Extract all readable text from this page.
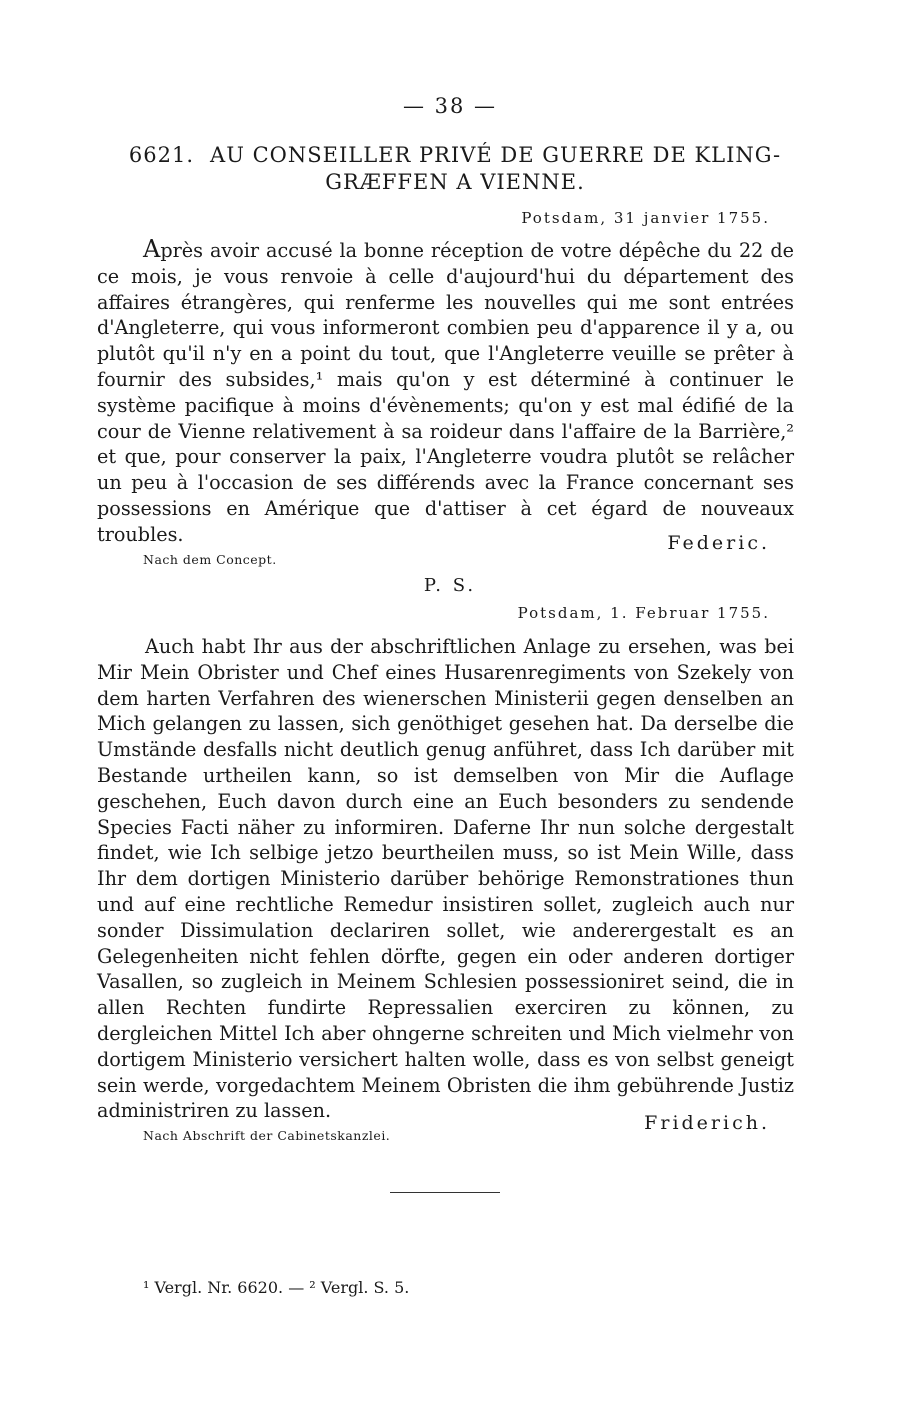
— 38 —
6621. AU CONSEILLER PRIVÉ DE GUERRE DE KLING-
GRÆFFEN A VIENNE.
Potsdam, 31 janvier 1755.

Après avoir accusé la bonne réception de votre dépêche du 22 de ce mois, je vous renvoie à celle d'aujourd'hui du département des affaires étrangères, qui renferme les nouvelles qui me sont entrées d'Angleterre, qui vous informeront combien peu d'apparence il y a, ou plutôt qu'il n'y en a point du tout, que l'Angleterre veuille se prêter à fournir des subsides,¹ mais qu'on y est déterminé à continuer le système pacifique à moins d'évènements; qu'on y est mal édifié de la cour de Vienne relativement à sa roideur dans l'affaire de la Barrière,² et que, pour conserver la paix, l'Angleterre voudra plutôt se relâcher un peu à l'occasion de ses différends avec la France concernant ses possessions en Amérique que d'attiser à cet égard de nouveaux troubles.	Federic.
Nach dem Concept.
P. S.
Potsdam, 1. Februar 1755.

Auch habt Ihr aus der abschriftlichen Anlage zu ersehen, was bei Mir Mein Obrister und Chef eines Husarenregiments von Szekely von dem harten Verfahren des wienerschen Ministerii gegen denselben an Mich gelangen zu lassen, sich genöthiget gesehen hat. Da derselbe die Umstände desfalls nicht deutlich genug anführet, dass Ich darüber mit Bestande urtheilen kann, so ist demselben von Mir die Auflage geschehen, Euch davon durch eine an Euch besonders zu sendende Species Facti näher zu informiren. Daferne Ihr nun solche dergestalt findet, wie Ich selbige jetzo beurtheilen muss, so ist Mein Wille, dass Ihr dem dortigen Ministerio darüber behörige Remonstrationes thun und auf eine rechtliche Remedur insistiren sollet, zugleich auch nur sonder Dissimulation declariren sollet, wie anderergestalt es an Gelegenheiten nicht fehlen dörfte, gegen ein oder anderen dortiger Vasallen, so zugleich in Meinem Schlesien possessioniret seind, die in allen Rechten fundirte Repressalien exerciren zu können, zu dergleichen Mittel Ich aber ohngerne schreiten und Mich vielmehr von dortigem Ministerio versichert halten wolle, dass es von selbst geneigt sein werde, vorgedachtem Meinem Obristen die ihm gebührende Justiz administriren zu lassen.

Friderich.
Nach Abschrift der Cabinetskanzlei.
¹ Vergl. Nr. 6620. — ² Vergl. S. 5.
